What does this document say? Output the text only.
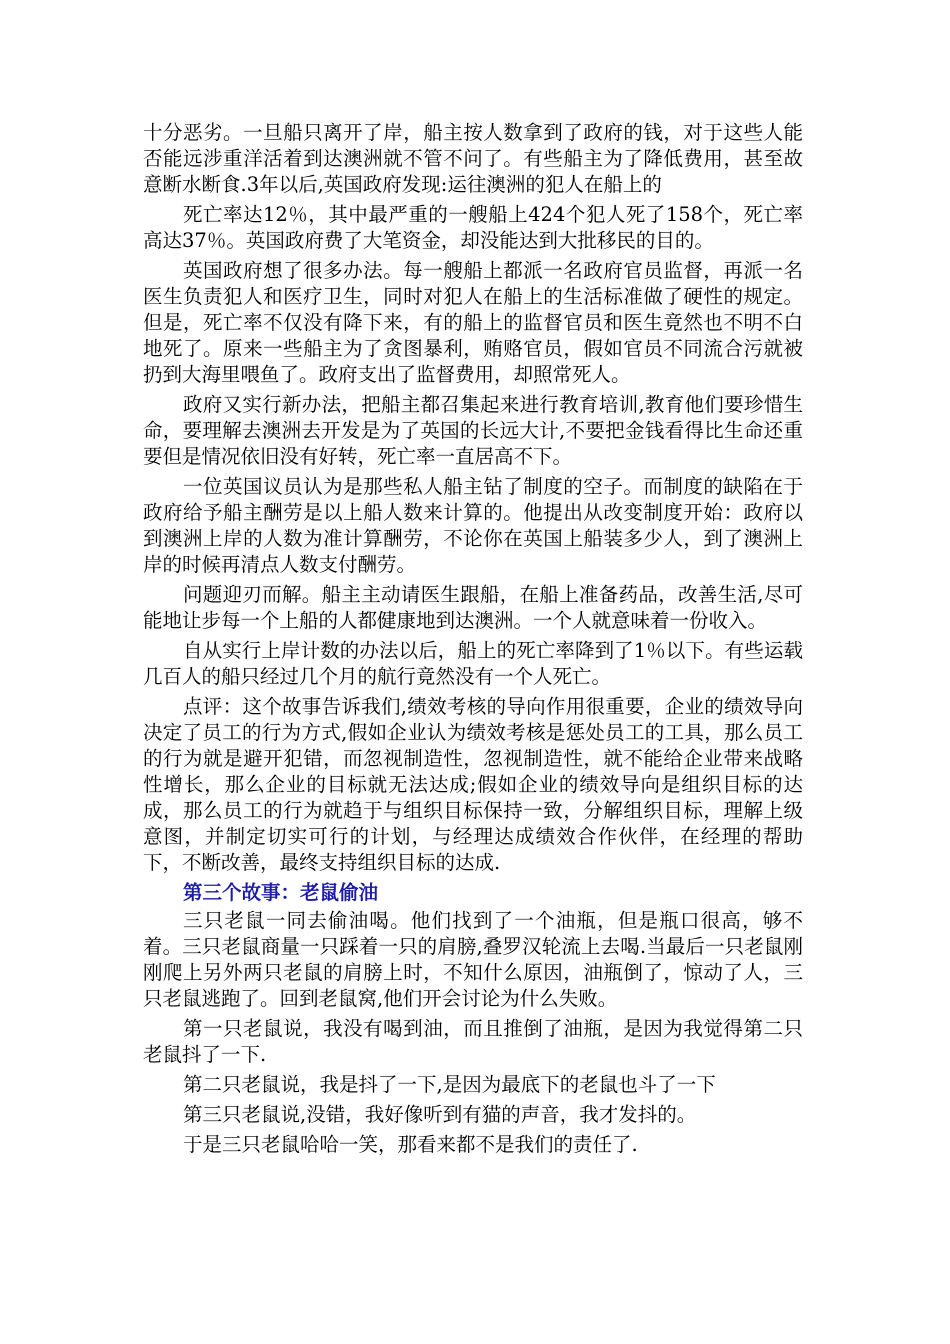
十分恶劣。一旦船只离开了岸，船主按人数拿到了政府的钱，对于这些人能否能远涉重洋活着到达澳洲就不管不问了。有些船主为了降低费用，甚至故意断水断食.3年以后,英国政府发现:运往澳洲的犯人在船上的

死亡率达12％，其中最严重的一艘船上424个犯人死了158个，死亡率高达37％。英国政府费了大笔资金，却没能达到大批移民的目的。

英国政府想了很多办法。每一艘船上都派一名政府官员监督，再派一名医生负责犯人和医疗卫生，同时对犯人在船上的生活标准做了硬性的规定。但是，死亡率不仅没有降下来，有的船上的监督官员和医生竟然也不明不白地死了。原来一些船主为了贪图暴利，贿赂官员，假如官员不同流合污就被扔到大海里喂鱼了。政府支出了监督费用，却照常死人。

政府又实行新办法，把船主都召集起来进行教育培训,教育他们要珍惜生命，要理解去澳洲去开发是为了英国的长远大计,不要把金钱看得比生命还重要但是情况依旧没有好转，死亡率一直居高不下。

一位英国议员认为是那些私人船主钻了制度的空子。而制度的缺陷在于政府给予船主酬劳是以上船人数来计算的。他提出从改变制度开始：政府以到澳洲上岸的人数为准计算酬劳，不论你在英国上船装多少人，到了澳洲上岸的时候再清点人数支付酬劳。

问题迎刃而解。船主主动请医生跟船，在船上准备药品，改善生活,尽可能地让步每一个上船的人都健康地到达澳洲。一个人就意味着一份收入。

自从实行上岸计数的办法以后，船上的死亡率降到了1％以下。有些运载几百人的船只经过几个月的航行竟然没有一个人死亡。

点评：这个故事告诉我们,绩效考核的导向作用很重要，企业的绩效导向决定了员工的行为方式,假如企业认为绩效考核是惩处员工的工具，那么员工的行为就是避开犯错，而忽视制造性，忽视制造性，就不能给企业带来战略性增长，那么企业的目标就无法达成;假如企业的绩效导向是组织目标的达成，那么员工的行为就趋于与组织目标保持一致，分解组织目标，理解上级意图，并制定切实可行的计划，与经理达成绩效合作伙伴，在经理的帮助下，不断改善，最终支持组织目标的达成.

第三个故事：老鼠偷油

三只老鼠一同去偷油喝。他们找到了一个油瓶，但是瓶口很高，够不着。三只老鼠商量一只踩着一只的肩膀,叠罗汉轮流上去喝.当最后一只老鼠刚刚爬上另外两只老鼠的肩膀上时，不知什么原因，油瓶倒了，惊动了人，三只老鼠逃跑了。回到老鼠窝,他们开会讨论为什么失败。

第一只老鼠说，我没有喝到油，而且推倒了油瓶，是因为我觉得第二只老鼠抖了一下.

第二只老鼠说，我是抖了一下,是因为最底下的老鼠也斗了一下

第三只老鼠说,没错，我好像听到有猫的声音，我才发抖的。

于是三只老鼠哈哈一笑，那看来都不是我们的责任了.
